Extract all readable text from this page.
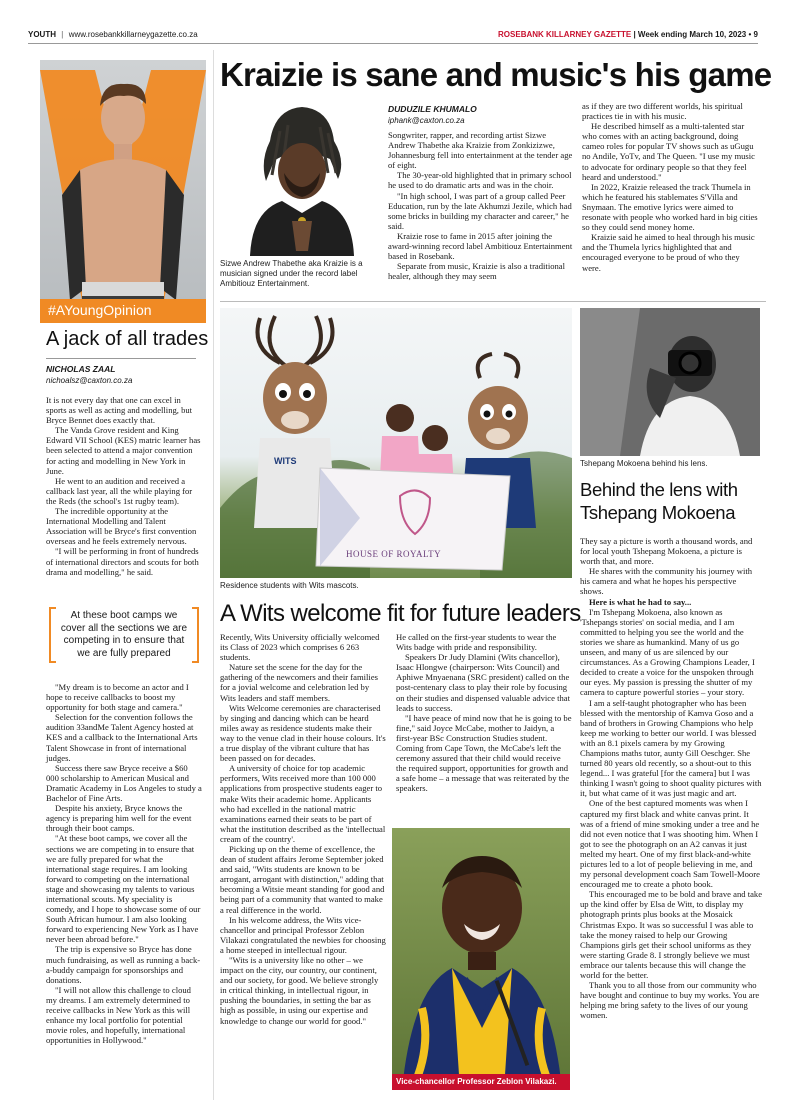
YOUTH | www.rosebankkillarneygazette.co.za	ROSEBANK KILLARNEY GAZETTE | Week ending March 10, 2023 • 9
#AYoungOpinion
A jack of all trades
NICHOLAS ZAAL
nichoalsz@caxton.co.za

It is not every day that one can excel in sports as well as acting and modelling, but Bryce Bennet does exactly that.

The Vanda Grove resident and King Edward VII School (KES) matric learner has been selected to attend a major convention for acting and modelling in New York in June.

He went to an audition and received a callback last year, all the while playing for the Reds (the school's 1st rugby team).

The incredible opportunity at the International Modelling and Talent Association will be Bryce's first convention overseas and he feels extremely nervous.

"I will be performing in front of hundreds of international directors and scouts for both drama and modelling," he said.

At these boot camps we cover all the sections we are competing in to ensure that we are fully prepared

"My dream is to become an actor and I hope to receive callbacks to boost my opportunity for both stage and camera."

Selection for the convention follows the audition 33andMe Talent Agency hosted at KES and a callback to the International Arts Talent Showcase in front of international judges.

Success there saw Bryce receive a $60 000 scholarship to American Musical and Dramatic Academy in Los Angeles to study a Bachelor of Fine Arts.

Despite his anxiety, Bryce knows the agency is preparing him well for the event through their boot camps.

"At these boot camps, we cover all the sections we are competing in to ensure that we are fully prepared for what the international stage requires. I am looking forward to competing on the international stage and showcasing my talents to various international scouts. My speciality is comedy, and I hope to showcase some of our South African humour. I am also looking forward to experiencing New York as I have never been abroad before."

The trip is expensive so Bryce has done much fundraising, as well as running a back-a-buddy campaign for sponsorships and donations.

"I will not allow this challenge to cloud my dreams. I am extremely determined to receive callbacks in New York as this will enhance my local portfolio for potential movie roles, and hopefully, international opportunities in Hollywood."

Kraizie is sane and music's his game
Sizwe Andrew Thabethe aka Kraizie is a musician signed under the record label Ambitiouz Entertainment.
DUDUZILE KHUMALO
iphank@caxton.co.za

Songwriter, rapper, and recording artist Sizwe Andrew Thabethe aka Kraizie from Zonkizizwe, Johannesburg fell into entertainment at the tender age of eight.

The 30-year-old highlighted that in primary school he used to do dramatic arts and was in the choir.

"In high school, I was part of a group called Peer Education, run by the late Akhumzi Jezile, which had some bricks in building my character and career," he said.

Kraizie rose to fame in 2015 after joining the award-winning record label Ambitiouz Entertainment based in Rosebank.

Separate from music, Kraizie is also a traditional healer, although they may seem

as if they are two different worlds, his spiritual practices tie in with his music.

He described himself as a multi-talented star who comes with an acting background, doing cameo roles for popular TV shows such as uGugu no Andile, YoTv, and The Queen. "I use my music to advocate for ordinary people so that they feel heard and understood."

In 2022, Kraizie released the track Thumela in which he featured his stablemates S'Villa and Snymaan. The emotive lyrics were aimed to resonate with people who worked hard in big cities so they could send money home.

Kraizie said he aimed to heal through his music and the Thumela lyrics highlighted that and encouraged everyone to be proud of who they were.

WITS
HOUSE OF ROYALTY
Residence students with Wits mascots.
A Wits welcome fit for future leaders

Recently, Wits University officially welcomed its Class of 2023 which comprises 6 263 students.

Nature set the scene for the day for the gathering of the newcomers and their families for a jovial welcome and celebration led by Wits leaders and staff members.

Wits Welcome ceremonies are characterised by singing and dancing which can be heard miles away as residence students make their way to the venue clad in their house colours. It's a true display of the vibrant culture that has been passed on for decades.

A university of choice for top academic performers, Wits received more than 100 000 applications from prospective students eager to make Wits their academic home. Applicants who had excelled in the national matric examinations earned their seats to be part of what the institution described as the 'intellectual cream of the country'.

Picking up on the theme of excellence, the dean of student affairs Jerome September joked and said, "Wits students are known to be arrogant, arrogant with distinction," adding that becoming a Witsie meant standing for good and being part of a community that wanted to make a real difference in the world.

In his welcome address, the Wits vice-chancellor and principal Professor Zeblon Vilakazi congratulated the newbies for choosing a home steeped in intellectual rigour.

"Wits is a university like no other – we impact on the city, our country, our continent, and our society, for good. We believe strongly in critical thinking, in intellectual rigour, in pushing the boundaries, in setting the bar as high as possible, in using our expertise and knowledge to change our world for good."

He called on the first-year students to wear the Wits badge with pride and responsibility.

Speakers Dr Judy Dlamini (Wits chancellor), Isaac Hlongwe (chairperson: Wits Council) and Aphiwe Mnyaenana (SRC president) called on the post-centenary class to play their role by focusing on their studies and dispensed valuable advice that leads to success.

"I have peace of mind now that he is going to be fine," said Joyce McCabe, mother to Jaidyn, a first-year BSc Construction Studies student. Coming from Cape Town, the McCabe's left the ceremony assured that their child would receive the required support, opportunities for growth and a safe home – a message that was reiterated by the speakers.

Vice-chancellor Professor Zeblon Vilakazi.
Tshepang Mokoena behind his lens.
Behind the lens with Tshepang Mokoena

They say a picture is worth a thousand words, and for local youth Tshepang Mokoena, a picture is worth that, and more.

He shares with the community his journey with his camera and what he hopes his perspective shows.

Here is what he had to say...

I'm Tshepang Mokoena, also known as 'Tshepangs stories' on social media, and I am committed to helping you see the world and the stories we share as humankind. Many of us go unseen, and many of us are silenced by our circumstances. As a Growing Champions Leader, I decided to create a voice for the unspoken through our eyes. My passion is pressing the shutter of my camera to capture powerful stories – your story.

I am a self-taught photographer who has been blessed with the mentorship of Kamva Goso and a band of brothers in Growing Champions who help keep me working to better our world. I was blessed with an 8.1 pixels camera by my Growing Champions maths tutor, aunty Gill Oeschger. She turned 80 years old recently, so a shout-out to this legend... I was grateful [for the camera] but I was thinking I wasn't going to shoot quality pictures with it, but what came of it was just magic and art.

One of the best captured moments was when I captured my first black and white canvas print. It was of a friend of mine smoking under a tree and he did not even notice that I was shooting him. When I got to see the photograph on an A2 canvas it just melted my heart. One of my first black-and-white pictures led to a lot of people believing in me, and my personal development coach Sam Towell-Moore encouraged me to create a photo book.

This encouraged me to be bold and brave and take up the kind offer by Elsa de Witt, to display my photograph prints plus books at the Mosaick Christmas Expo. It was so successful I was able to take the money raised to help our Growing Champions girls get their school uniforms as they were starting Grade 8. I strongly believe we must embrace our talents because this will change the world for the better.

Thank you to all those from our community who have bought and continue to buy my works. You are helping me bring safety to the lives of our young women.
